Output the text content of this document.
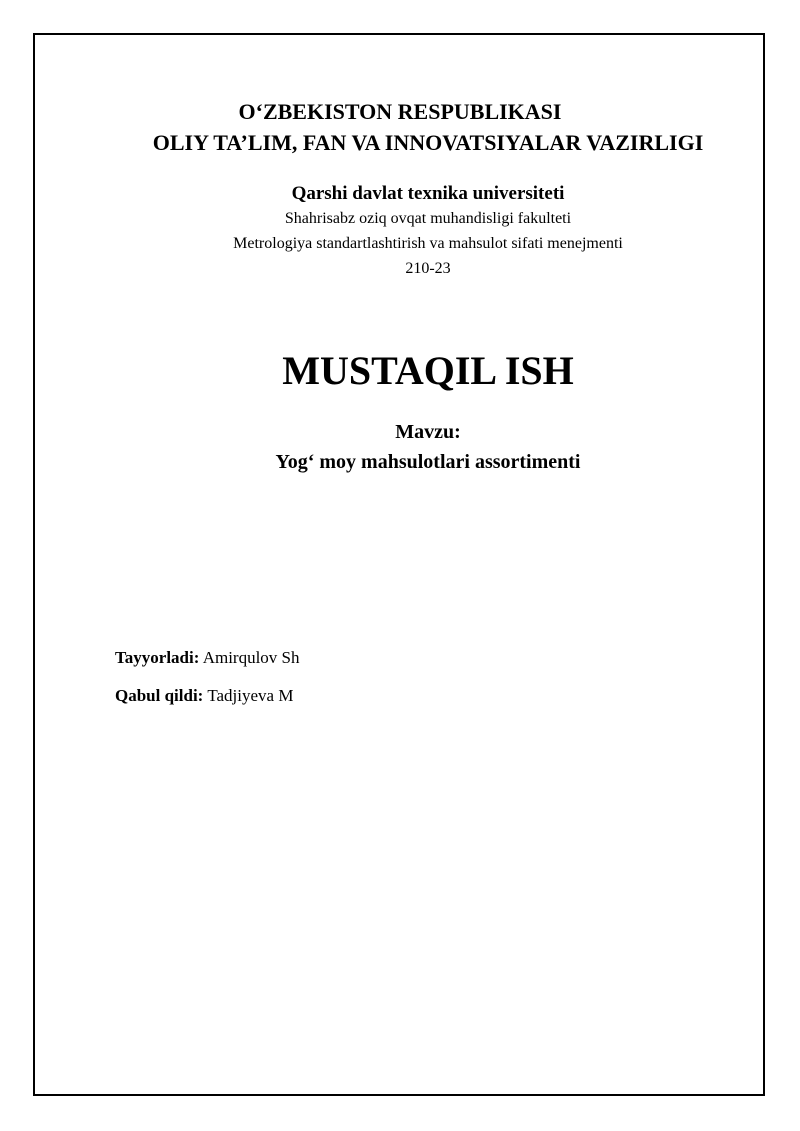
O‘ZBEKISTON RESPUBLIKASI
OLIY TA’LIM, FAN VA INNOVATSIYALAR VAZIRLIGI
Qarshi davlat texnika universiteti
Shahrisabz oziq ovqat muhandisligi fakulteti
Metrologiya standartlashtirish va mahsulot sifati menejmenti
210-23
MUSTAQIL ISH
Mavzu:
Yog‘ moy mahsulotlari assortimenti
Tayyorladi: Amirqulov Sh
Qabul qildi: Tadjiyeva M
